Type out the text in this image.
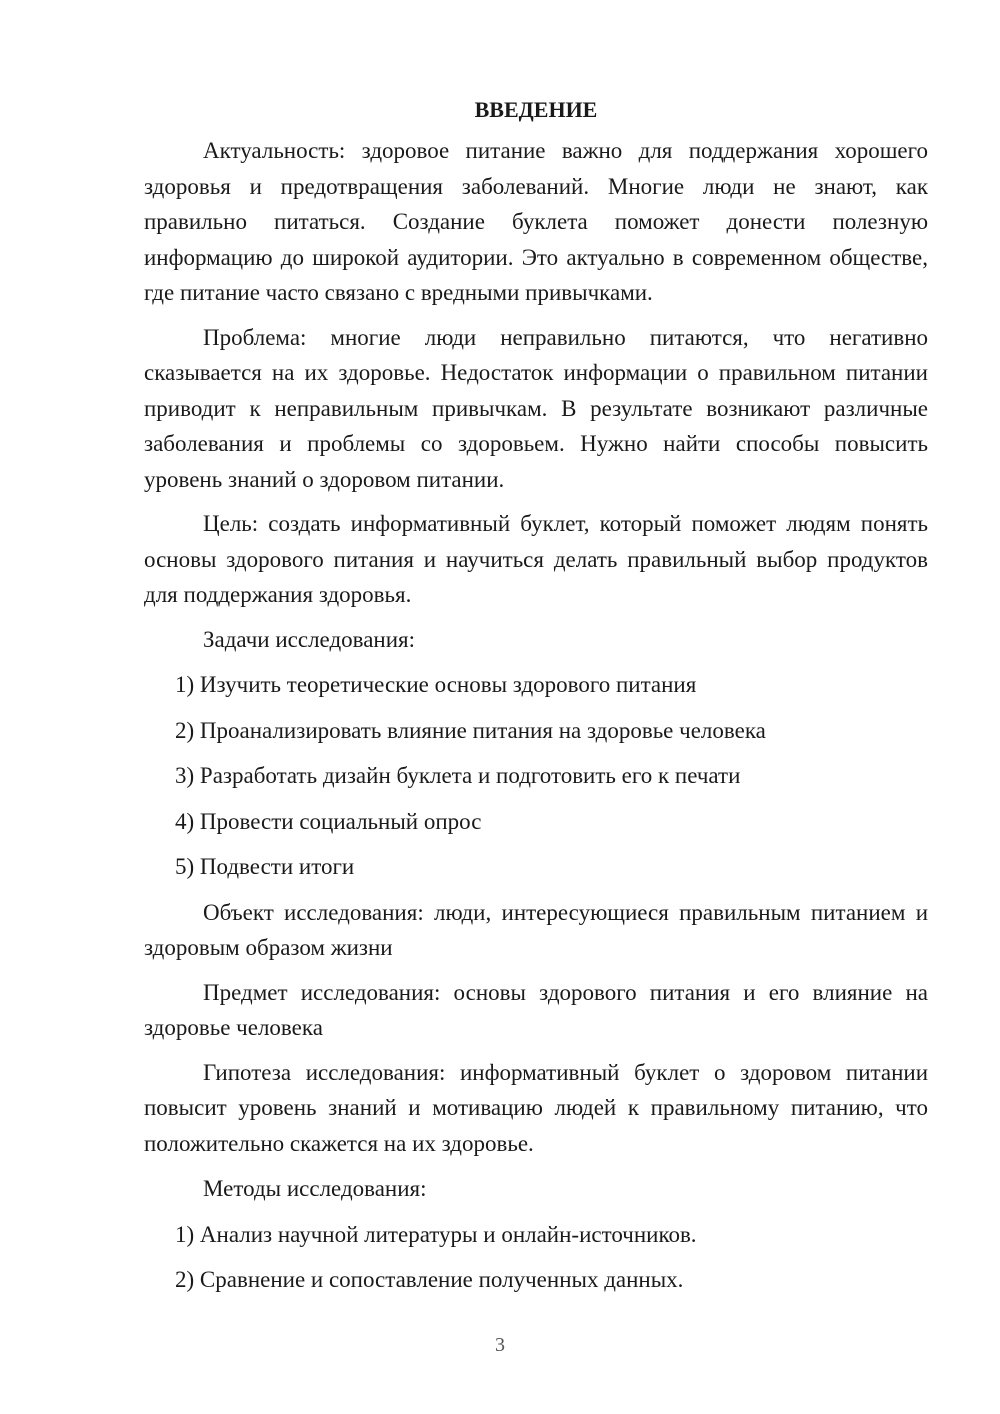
ВВЕДЕНИЕ

Актуальность: здоровое питание важно для поддержания хорошего здоровья и предотвращения заболеваний. Многие люди не знают, как правильно питаться. Создание буклета поможет донести полезную информацию до широкой аудитории. Это актуально в современном обществе, где питание часто связано с вредными привычками.

Проблема: многие люди неправильно питаются, что негативно сказывается на их здоровье. Недостаток информации о правильном питании приводит к неправильным привычкам. В результате возникают различные заболевания и проблемы со здоровьем. Нужно найти способы повысить уровень знаний о здоровом питании.

Цель: создать информативный буклет, который поможет людям понять основы здорового питания и научиться делать правильный выбор продуктов для поддержания здоровья.

Задачи исследования:
1) Изучить теоретические основы здорового питания
2) Проанализировать влияние питания на здоровье человека
3) Разработать дизайн буклета и подготовить его к печати
4) Провести социальный опрос
5) Подвести итоги

Объект исследования: люди, интересующиеся правильным питанием и здоровым образом жизни

Предмет исследования: основы здорового питания и его влияние на здоровье человека

Гипотеза исследования: информативный буклет о здоровом питании повысит уровень знаний и мотивацию людей к правильному питанию, что положительно скажется на их здоровье.

Методы исследования:
1) Анализ научной литературы и онлайн-источников.
2) Сравнение и сопоставление полученных данных.
3
